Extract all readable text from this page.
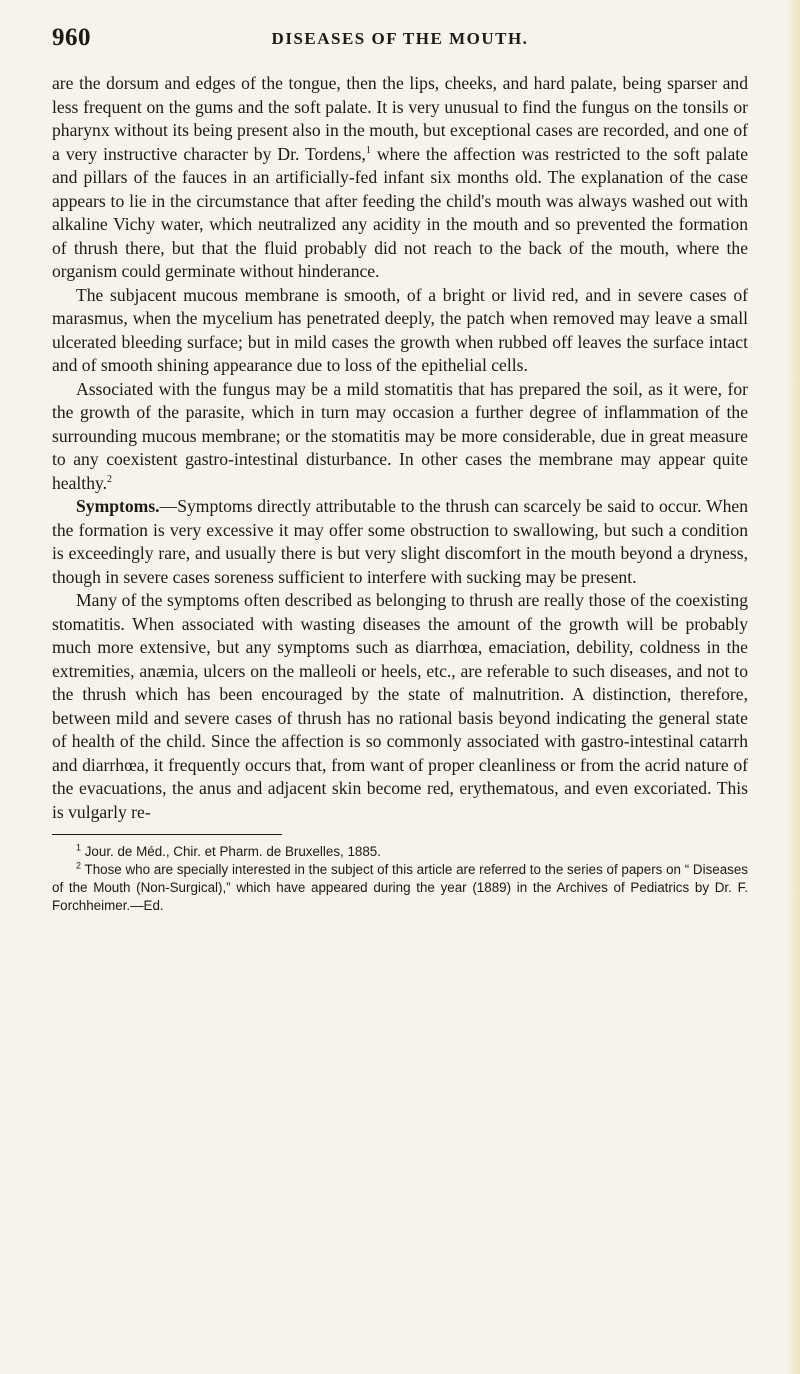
960	DISEASES OF THE MOUTH.

are the dorsum and edges of the tongue, then the lips, cheeks, and hard palate, being sparser and less frequent on the gums and the soft palate. It is very unusual to find the fungus on the tonsils or pharynx without its being present also in the mouth, but exceptional cases are recorded, and one of a very instructive character by Dr. Tordens,$^1$ where the affection was restricted to the soft palate and pillars of the fauces in an artificially-fed infant six months old. The explanation of the case appears to lie in the circumstance that after feeding the child's mouth was always washed out with alkaline Vichy water, which neutralized any acidity in the mouth and so prevented the formation of thrush there, but that the fluid probably did not reach to the back of the mouth, where the organism could germinate without hinderance.

The subjacent mucous membrane is smooth, of a bright or livid red, and in severe cases of marasmus, when the mycelium has penetrated deeply, the patch when removed may leave a small ulcerated bleeding surface; but in mild cases the growth when rubbed off leaves the surface intact and of smooth shining appearance due to loss of the epithelial cells.

Associated with the fungus may be a mild stomatitis that has prepared the soil, as it were, for the growth of the parasite, which in turn may occasion a further degree of inflammation of the surrounding mucous membrane; or the stomatitis may be more considerable, due in great measure to any coexistent gastro-intestinal disturbance. In other cases the membrane may appear quite healthy.$^2$

Symptoms.—Symptoms directly attributable to the thrush can scarcely be said to occur. When the formation is very excessive it may offer some obstruction to swallowing, but such a condition is exceedingly rare, and usually there is but very slight discomfort in the mouth beyond a dryness, though in severe cases soreness sufficient to interfere with sucking may be present.

Many of the symptoms often described as belonging to thrush are really those of the coexisting stomatitis. When associated with wasting diseases the amount of the growth will be probably much more extensive, but any symptoms such as diarrhœa, emaciation, debility, coldness in the extremities, anæmia, ulcers on the malleoli or heels, etc., are referable to such diseases, and not to the thrush which has been encouraged by the state of malnutrition. A distinction, therefore, between mild and severe cases of thrush has no rational basis beyond indicating the general state of health of the child. Since the affection is so commonly associated with gastro-intestinal catarrh and diarrhœa, it frequently occurs that, from want of proper cleanliness or from the acrid nature of the evacuations, the anus and adjacent skin become red, erythematous, and even excoriated. This is vulgarly re-

$^1$ Jour. de Méd., Chir. et Pharm. de Bruxelles, 1885.

$^2$ Those who are specially interested in the subject of this article are referred to the series of papers on “ Diseases of the Mouth (Non-Surgical),” which have appeared during the year (1889) in the Archives of Pediatrics by Dr. F. Forchheimer.—Ed.
